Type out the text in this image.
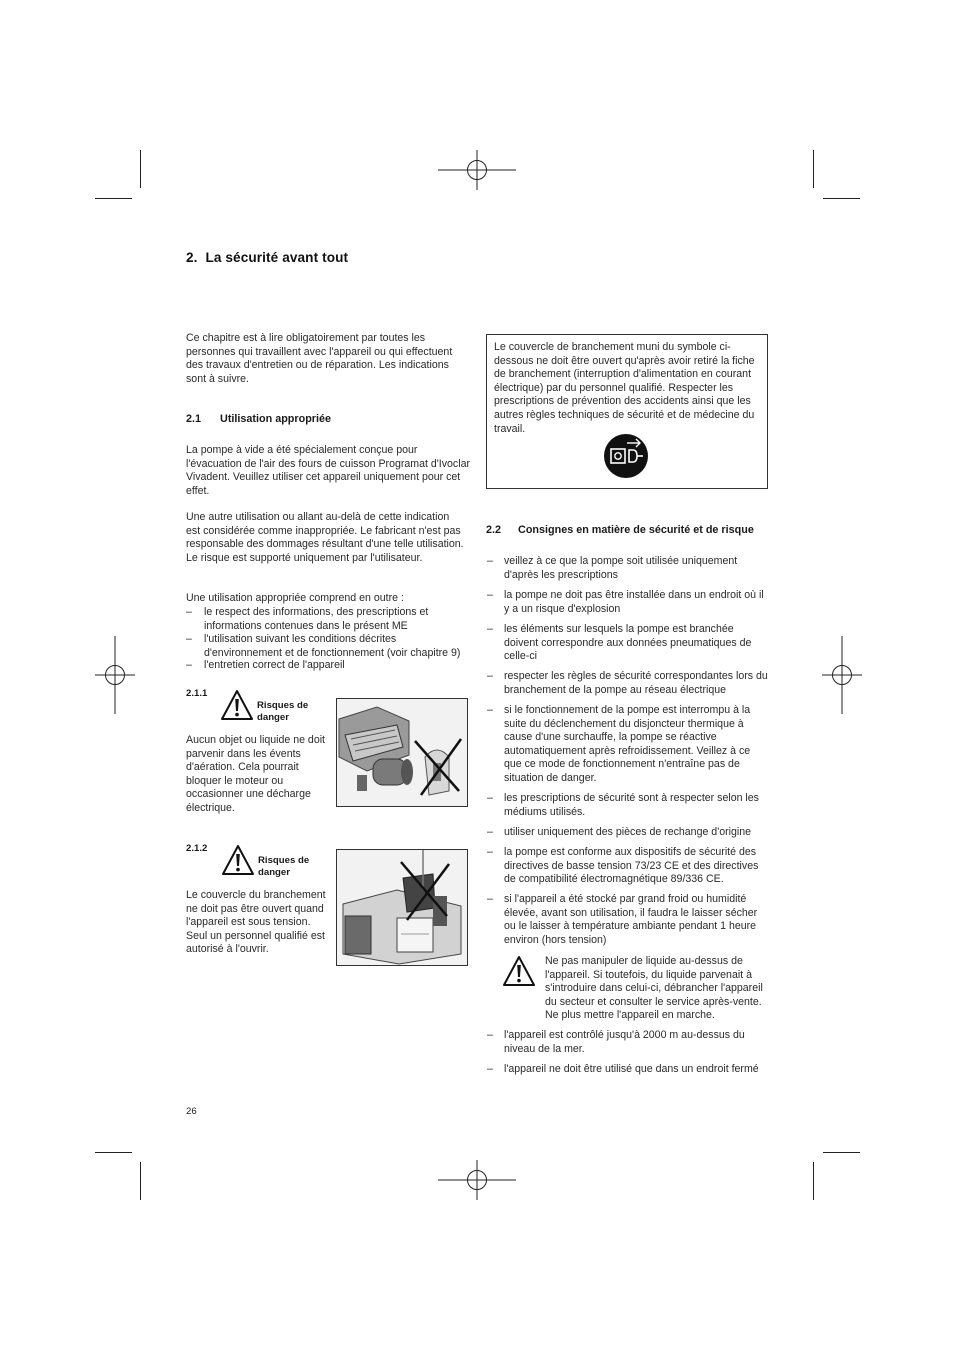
2. La sécurité avant tout
Ce chapitre est à lire obligatoirement par toutes les personnes qui travaillent avec l'appareil ou qui effectuent des travaux d'entretien ou de réparation. Les indications sont à suivre.
2.1 Utilisation appropriée
La pompe à vide a été spécialement conçue pour l'évacuation de l'air des fours de cuisson Programat d'Ivoclar Vivadent. Veuillez utiliser cet appareil uniquement pour cet effet.
Une autre utilisation ou allant au-delà de cette indication est considérée comme inappropriée. Le fabricant n'est pas responsable des dommages résultant d'une telle utilisation. Le risque est supporté uniquement par l'utilisateur.
Une utilisation appropriée comprend en outre :
– le respect des informations, des prescriptions et informations contenues dans le présent ME
– l'utilisation suivant les conditions décrites d'environnement et de fonctionnement (voir chapitre 9)
– l'entretien correct de l'appareil
2.1.1
Risques de danger
Aucun objet ou liquide ne doit parvenir dans les évents d'aération. Cela pourrait bloquer le moteur ou occasionner une décharge électrique.
2.1.2
Risques de danger
Le couvercle du branchement ne doit pas être ouvert quand l'appareil est sous tension. Seul un personnel qualifié est autorisé à l'ouvrir.
Le couvercle de branchement muni du symbole ci-dessous ne doit être ouvert qu'après avoir retiré la fiche de branchement (interruption d'alimentation en courant électrique) par du personnel qualifié. Respecter les prescriptions de prévention des accidents ainsi que les autres règles techniques de sécurité et de médecine du travail.
2.2 Consignes en matière de sécurité et de risque
–	veillez à ce que la pompe soit utilisée uniquement d'après les prescriptions
–	la pompe ne doit pas être installée dans un endroit où il y a un risque d'explosion
–	les éléments sur lesquels la pompe est branchée doivent correspondre aux données pneumatiques de celle-ci
–	respecter les règles de sécurité correspondantes lors du branchement de la pompe au réseau électrique
–	si le fonctionnement de la pompe est interrompu à la suite du déclenchement du disjoncteur thermique à cause d'une surchauffe, la pompe se réactive automatiquement après refroidissement. Veillez à ce que ce mode de fonctionnement n'entraîne pas de situation de danger.
–	les prescriptions de sécurité sont à respecter selon les médiums utilisés.
–	utiliser uniquement des pièces de rechange d'origine
–	la pompe est conforme aux dispositifs de sécurité des directives de basse tension 73/23 CE et des directives de compatibilité électromagnétique 89/336 CE.
–	si l'appareil a été stocké par grand froid ou humidité élevée, avant son utilisation, il faudra le laisser sécher ou le laisser à température ambiante pendant 1 heure environ (hors tension)
Ne pas manipuler de liquide au-dessus de l'appareil. Si toutefois, du liquide parvenait à s'introduire dans celui-ci, débrancher l'appareil du secteur et consulter le service après-vente. Ne plus mettre l'appareil en marche.
–	l'appareil est contrôlé jusqu'à 2000 m au-dessus du niveau de la mer.
–	l'appareil ne doit être utilisé que dans un endroit fermé
26
